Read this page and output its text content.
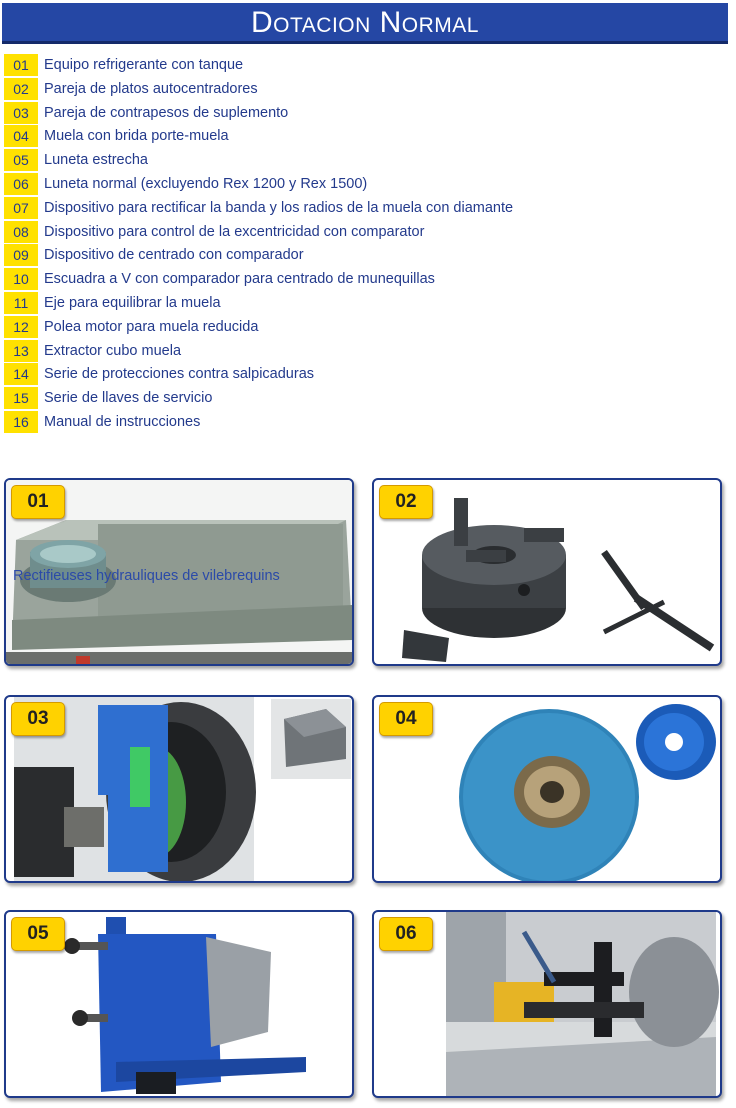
Dotacion Normal
01	Equipo refrigerante con tanque
02	Pareja de platos autocentradores
03	Pareja de contrapesos de suplemento
04	Muela con brida porte-muela
05	Luneta estrecha
06	Luneta normal (excluyendo Rex 1200 y Rex 1500)
07	Dispositivo para rectificar la banda y los radios de la muela con diamante
08	Dispositivo para control de la excentricidad con comparator
09	Dispositivo de centrado con comparador
10	Escuadra a V con comparador para centrado de munequillas
11	Eje para equilibrar la muela
12	Polea motor para muela reducida
13	Extractor cubo muela
14	Serie de protecciones contra salpicaduras
15	Serie de llaves de servicio
16	Manual de instrucciones
01
Rectifieuses hydrauliques de vilebrequins
02
03	04
05	06
